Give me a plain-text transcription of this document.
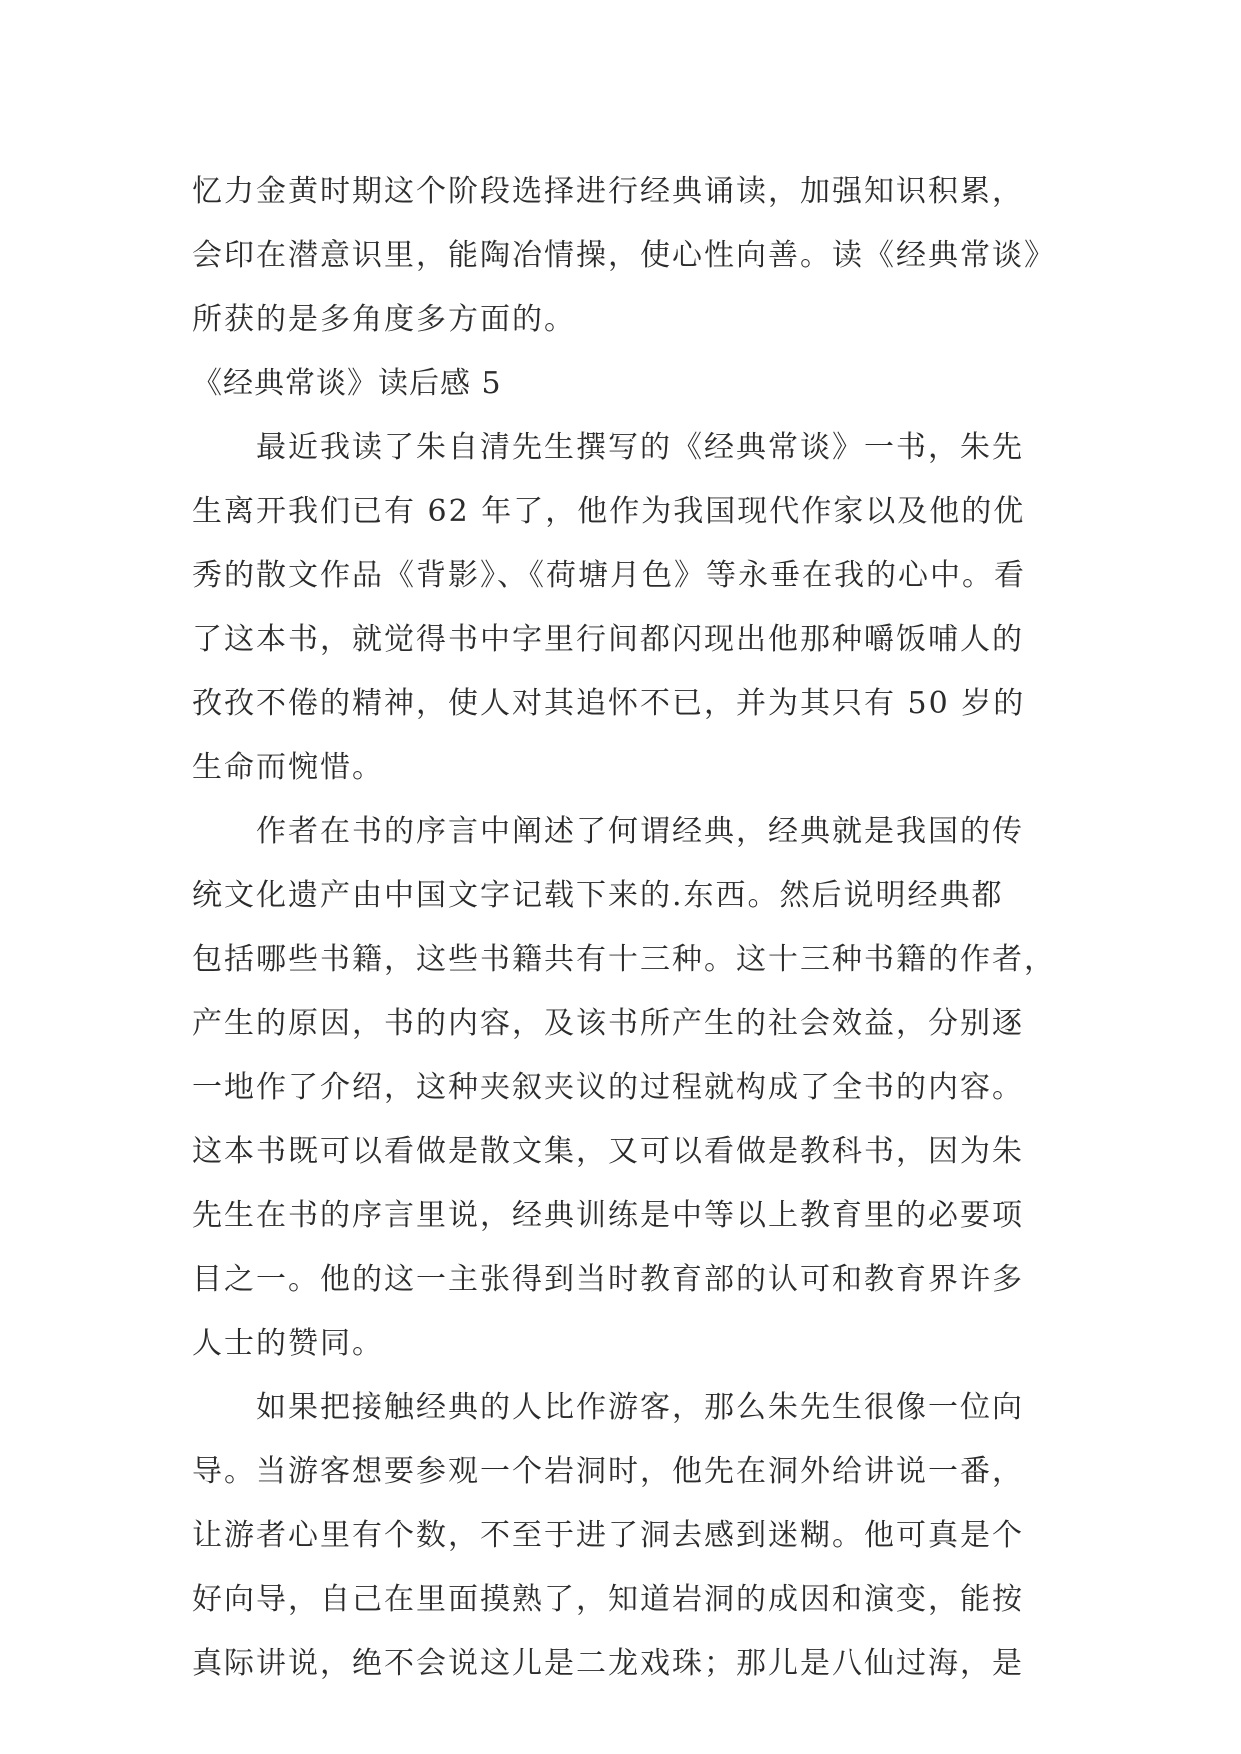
忆力金黄时期这个阶段选择进行经典诵读，加强知识积累，
会印在潜意识里，能陶冶情操，使心性向善。读《经典常谈》
所获的是多角度多方面的。
《经典常谈》读后感 5
最近我读了朱自清先生撰写的《经典常谈》一书，朱先
生离开我们已有 62 年了，他作为我国现代作家以及他的优
秀的散文作品《背影》、《荷塘月色》等永垂在我的心中。看
了这本书，就觉得书中字里行间都闪现出他那种嚼饭哺人的
孜孜不倦的精神，使人对其追怀不已，并为其只有 50 岁的
生命而惋惜。
作者在书的序言中阐述了何谓经典，经典就是我国的传
统文化遗产由中国文字记载下来的.东西。然后说明经典都
包括哪些书籍，这些书籍共有十三种。这十三种书籍的作者，
产生的原因，书的内容，及该书所产生的社会效益，分别逐
一地作了介绍，这种夹叙夹议的过程就构成了全书的内容。
这本书既可以看做是散文集，又可以看做是教科书，因为朱
先生在书的序言里说，经典训练是中等以上教育里的必要项
目之一。他的这一主张得到当时教育部的认可和教育界许多
人士的赞同。
如果把接触经典的人比作游客，那么朱先生很像一位向
导。当游客想要参观一个岩洞时，他先在洞外给讲说一番，
让游者心里有个数，不至于进了洞去感到迷糊。他可真是个
好向导，自己在里面摸熟了，知道岩洞的成因和演变，能按
真际讲说，绝不会说这儿是二龙戏珠；那儿是八仙过海，是
